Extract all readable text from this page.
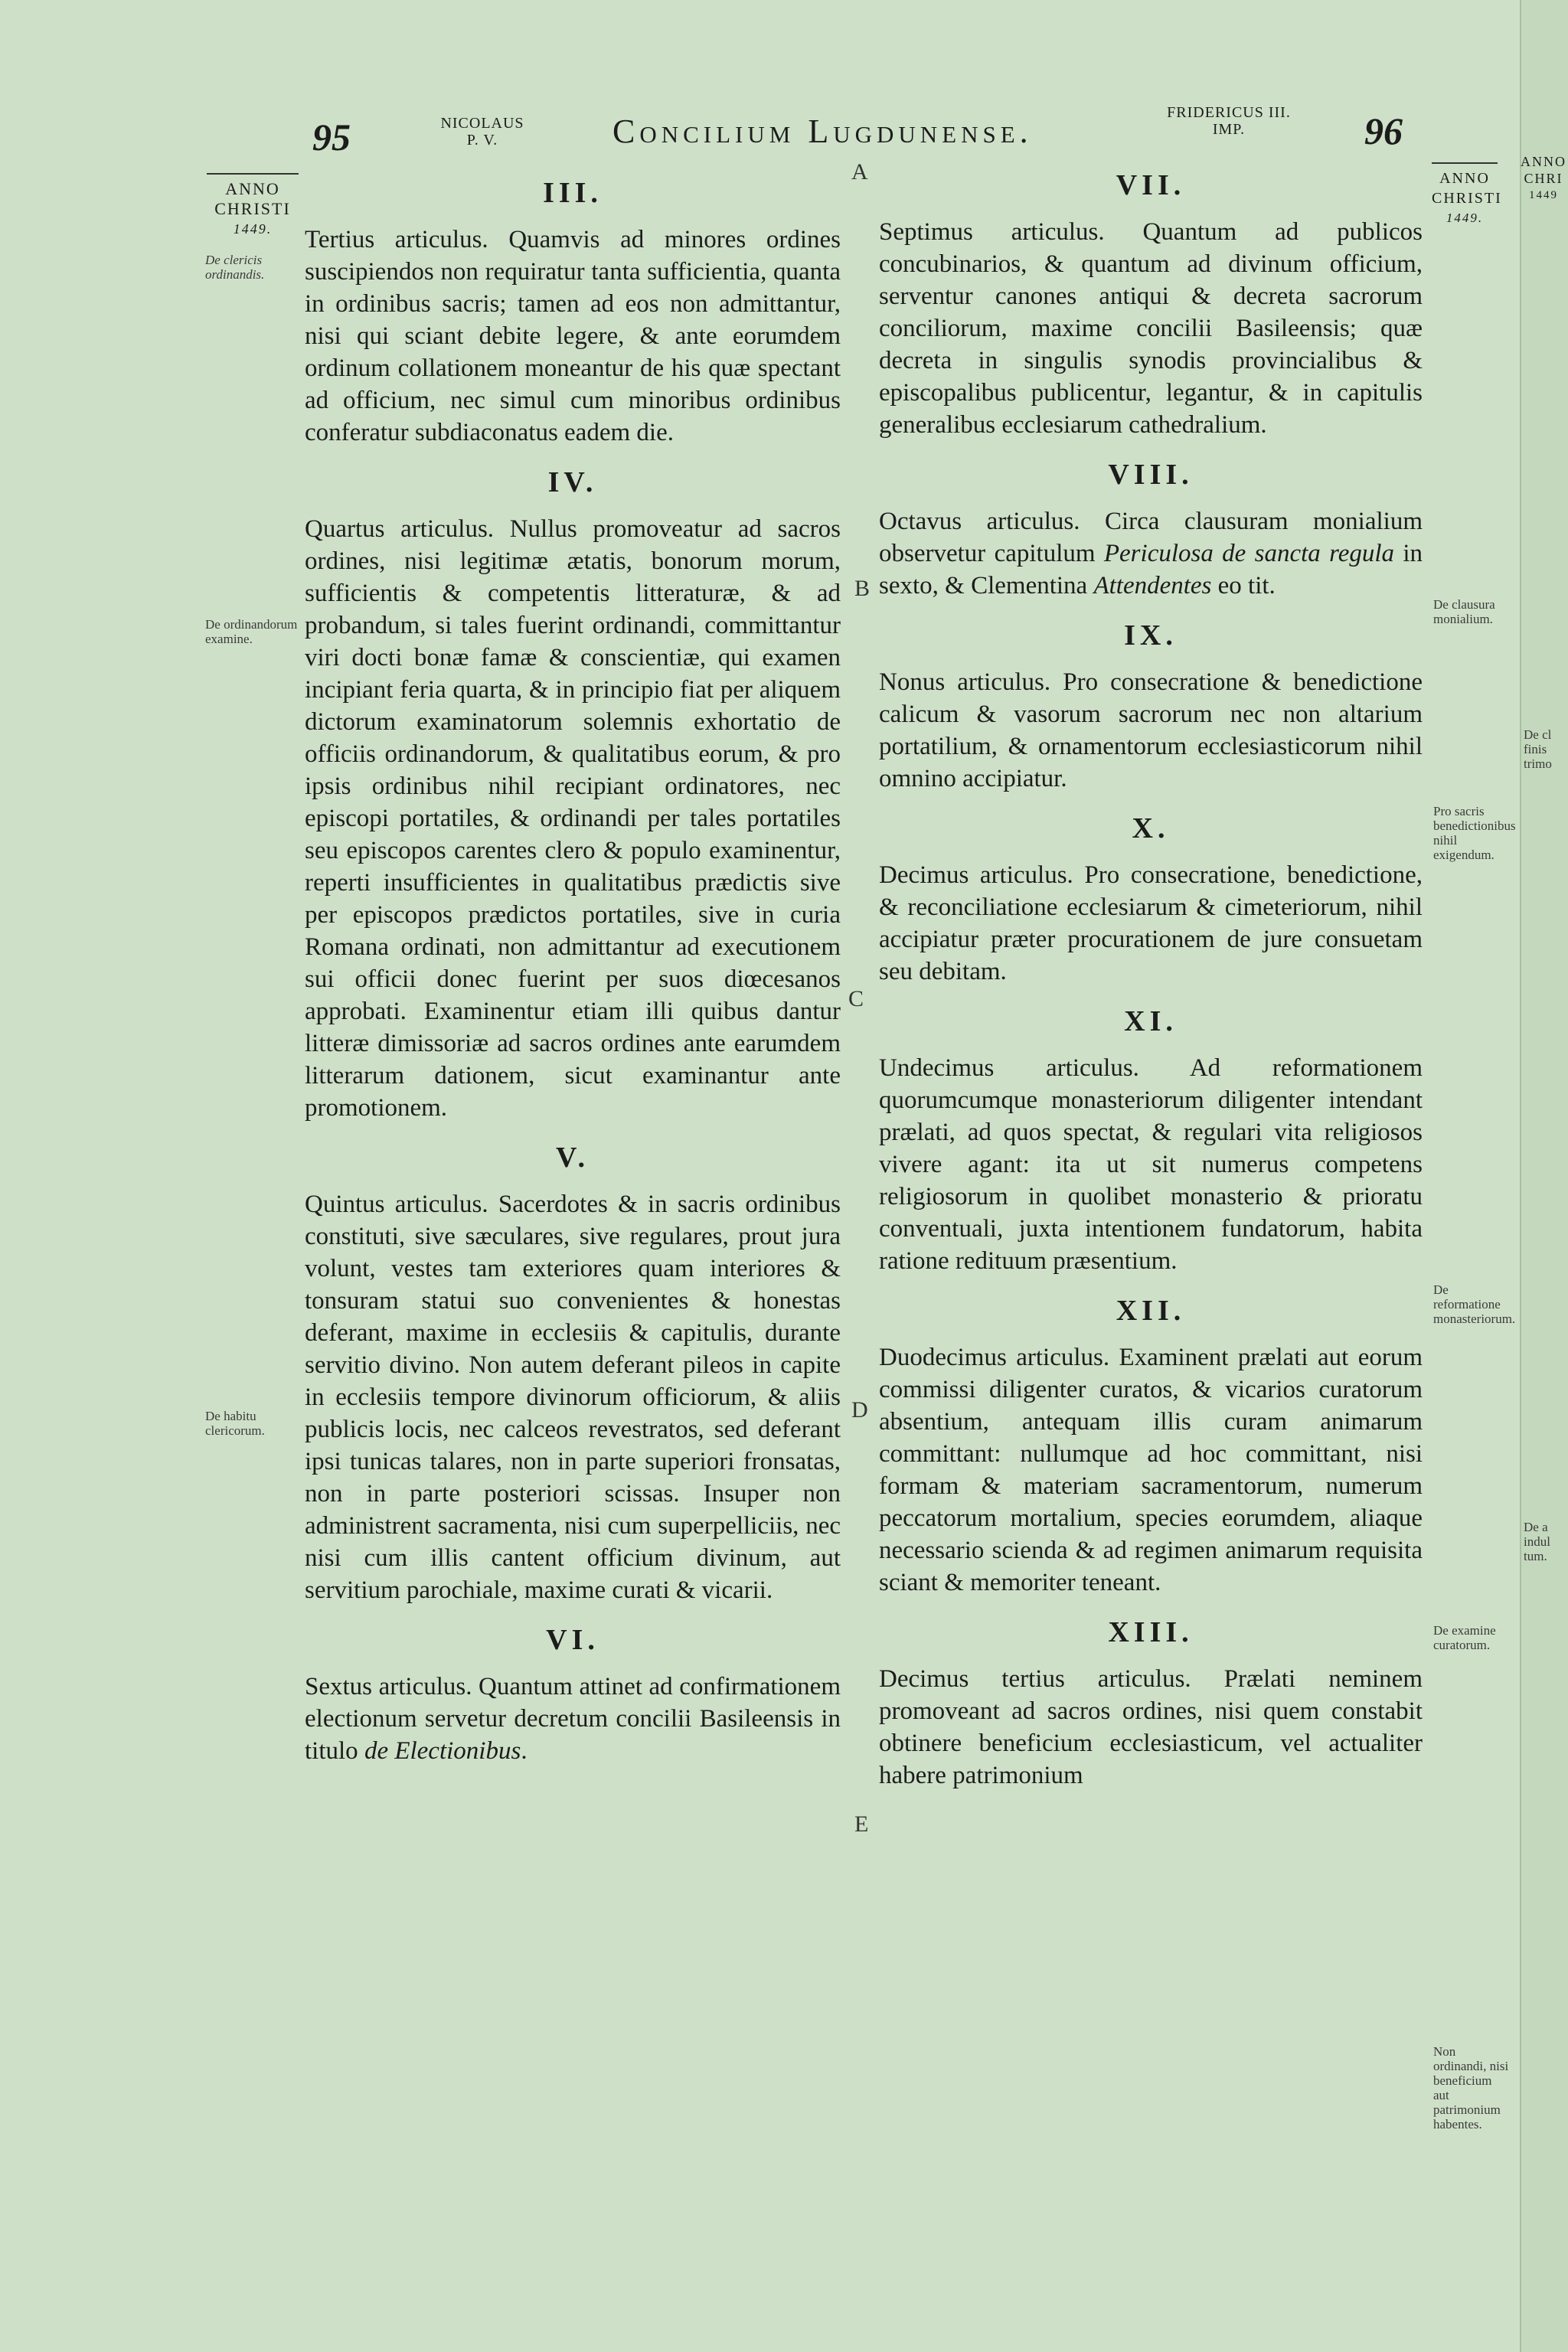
95	NICOLAUS
P. V.	Concilium Lugdunense.	FRIDERICUS III.
IMP.	96
ANNO
CHRISTI
1449.
ANNO
CHRISTI
1449.
ANNO
CHRI
1449
De clericis ordinandis.
De ordinandorum examine.
De habitu clericorum.
De clausura monialium.
Pro sacris benedictionibus nihil exigendum.
De reformatione monasteriorum.
De examine curatorum.
Non ordinandi, nisi beneficium aut patrimonium habentes.
De cl finis trimo
De a indul tum.
A
B
C
D
E
III.

Tertius articulus. Quamvis ad minores ordines suscipiendos non requiratur tanta sufficientia, quanta in ordinibus sacris; tamen ad eos non admittantur, nisi qui sciant debite legere, & ante eorumdem ordinum collationem moneantur de his quæ spectant ad officium, nec simul cum minoribus ordinibus conferatur subdiaconatus eadem die.

IV.

Quartus articulus. Nullus promoveatur ad sacros ordines, nisi legitimæ ætatis, bonorum morum, sufficientis & competentis litteraturæ, & ad probandum, si tales fuerint ordinandi, committantur viri docti bonæ famæ & conscientiæ, qui examen incipiant feria quarta, & in principio fiat per aliquem dictorum examinatorum solemnis exhortatio de officiis ordinandorum, & qualitatibus eorum, & pro ipsis ordinibus nihil recipiant ordinatores, nec episcopi portatiles, & ordinandi per tales portatiles seu episcopos carentes clero & populo examinentur, reperti insufficientes in qualitatibus prædictis sive per episcopos prædictos portatiles, sive in curia Romana ordinati, non admittantur ad executionem sui officii donec fuerint per suos diœcesanos approbati. Examinentur etiam illi quibus dantur litteræ dimissoriæ ad sacros ordines ante earumdem litterarum dationem, sicut examinantur ante promotionem.

V.

Quintus articulus. Sacerdotes & in sacris ordinibus constituti, sive sæculares, sive regulares, prout jura volunt, vestes tam exteriores quam interiores & tonsuram statui suo convenientes & honestas deferant, maxime in ecclesiis & capitulis, durante servitio divino. Non autem deferant pileos in capite in ecclesiis tempore divinorum officiorum, & aliis publicis locis, nec calceos revestratos, sed deferant ipsi tunicas talares, non in parte superiori fronsatas, non in parte posteriori scissas. Insuper non administrent sacramenta, nisi cum superpelliciis, nec nisi cum illis cantent officium divinum, aut servitium parochiale, maxime curati & vicarii.

VI.

Sextus articulus. Quantum attinet ad confirmationem electionum servetur decretum concilii Basileensis in titulo de Electionibus.

VII.

Septimus articulus. Quantum ad publicos concubinarios, & quantum ad divinum officium, serventur canones antiqui & decreta sacrorum conciliorum, maxime concilii Basileensis; quæ decreta in singulis synodis provincialibus & episcopalibus publicentur, legantur, & in capitulis generalibus ecclesiarum cathedralium.

VIII.

Octavus articulus. Circa clausuram monialium observetur capitulum Periculosa de sancta regula in sexto, & Clementina Attendentes eo tit.

IX.

Nonus articulus. Pro consecratione & benedictione calicum & vasorum sacrorum nec non altarium portatilium, & ornamentorum ecclesiasticorum nihil omnino accipiatur.

X.

Decimus articulus. Pro consecratione, benedictione, & reconciliatione ecclesiarum & cimeteriorum, nihil accipiatur præter procurationem de jure consuetam seu debitam.

XI.

Undecimus articulus. Ad reformationem quorumcumque monasteriorum diligenter intendant prælati, ad quos spectat, & regulari vita religiosos vivere agant: ita ut sit numerus competens religiosorum in quolibet monasterio & prioratu conventuali, juxta intentionem fundatorum, habita ratione redituum præsentium.

XII.

Duodecimus articulus. Examinent prælati aut eorum commissi diligenter curatos, & vicarios curatorum absentium, antequam illis curam animarum committant: nullumque ad hoc committant, nisi formam & materiam sacramentorum, numerum peccatorum mortalium, species eorumdem, aliaque necessario scienda & ad regimen animarum requisita sciant & memoriter teneant.

XIII.

Decimus tertius articulus. Prælati neminem promoveant ad sacros ordines, nisi quem constabit obtinere beneficium ecclesiasticum, vel actualiter habere patrimonium
